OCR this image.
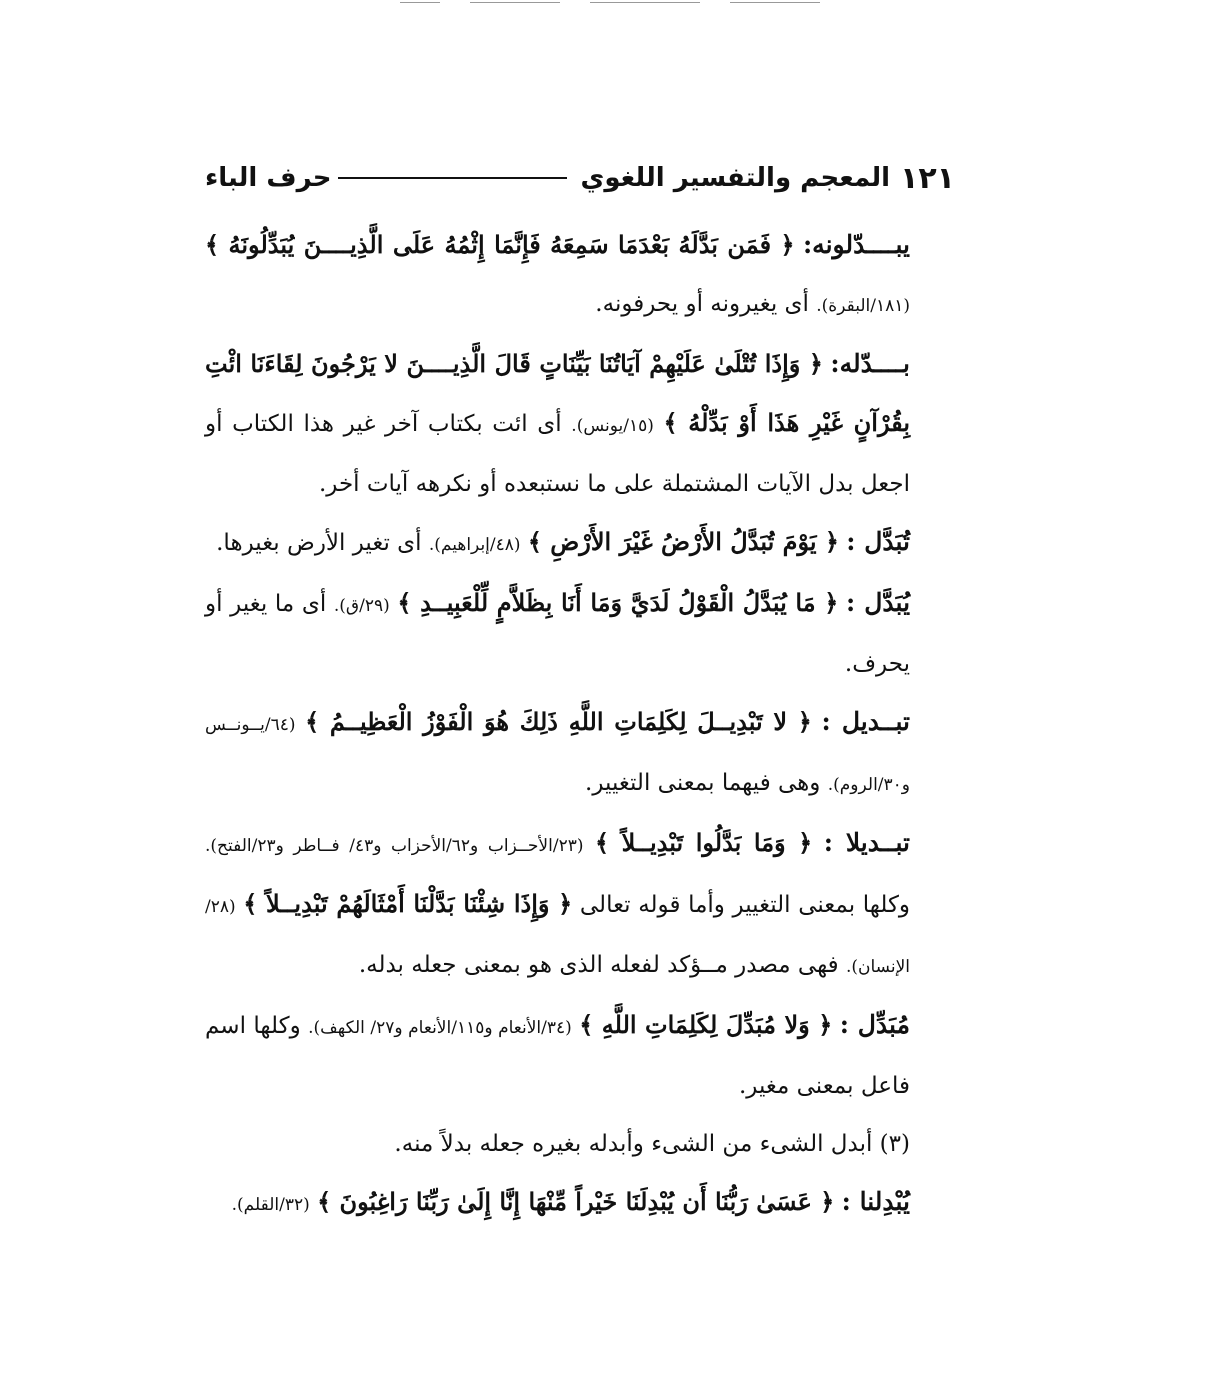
١٢١
المعجم والتفسير اللغوي
حرف الباء

يبــــدّلونه: ﴿ فَمَن بَدَّلَهُ بَعْدَمَا سَمِعَهُ فَإِنَّمَا إِثْمُهُ عَلَى الَّذِيــــنَ يُبَدِّلُونَهُ ﴾ (١٨١/البقرة). أى يغيرونه أو يحرفونه.

بــــدّله: ﴿ وَإِذَا تُتْلَىٰ عَلَيْهِمْ آيَاتُنَا بَيِّنَاتٍ قَالَ الَّذِيــــنَ لا يَرْجُونَ لِقَاءَنَا ائْتِ بِقُرْآنٍ غَيْرِ هَذَا أَوْ بَدِّلْهُ ﴾ (١٥/يونس). أى ائت بكتاب آخر غير هذا الكتاب أو اجعل بدل الآيات المشتملة على ما نستبعده أو نكرهه آيات أخر.

تُبَدَّل : ﴿ يَوْمَ تُبَدَّلُ الأَرْضُ غَيْرَ الأَرْضِ ﴾ (٤٨/إبراهيم). أى تغير الأرض بغيرها.

يُبَدَّل : ﴿ مَا يُبَدَّلُ الْقَوْلُ لَدَيَّ وَمَا أَنَا بِظَلاَّمٍ لِّلْعَبِيــدِ ﴾ (٢٩/ق). أى ما يغير أو يحرف.

تبــديل : ﴿ لا تَبْدِيــلَ لِكَلِمَاتِ اللَّهِ ذَلِكَ هُوَ الْفَوْزُ الْعَظِيــمُ ﴾ (٦٤/يــونــس و٣٠/الروم). وهى فيهما بمعنى التغيير.

تبــديلا : ﴿ وَمَا بَدَّلُوا تَبْدِيــلاً ﴾ (٢٣/الأحــزاب و٦٢/الأحزاب و٤٣/ فــاطر و٢٣/الفتح). وكلها بمعنى التغيير وأما قوله تعالى ﴿ وَإِذَا شِئْنَا بَدَّلْنَا أَمْثَالَهُمْ تَبْدِيــلاً ﴾ (٢٨/الإنسان). فهى مصدر مــؤكد لفعله الذى هو بمعنى جعله بدله.

مُبَدِّل : ﴿ وَلا مُبَدِّلَ لِكَلِمَاتِ اللَّهِ ﴾ (٣٤/الأنعام و١١٥/الأنعام و٢٧/ الكهف). وكلها اسم فاعل بمعنى مغير.

(٣) أبدل الشىء من الشىء وأبدله بغيره جعله بدلاً منه.

يُبْدِلنا : ﴿ عَسَىٰ رَبُّنَا أَن يُبْدِلَنَا خَيْراً مِّنْهَا إِنَّا إِلَىٰ رَبِّنَا رَاغِبُونَ ﴾ (٣٢/القلم).
